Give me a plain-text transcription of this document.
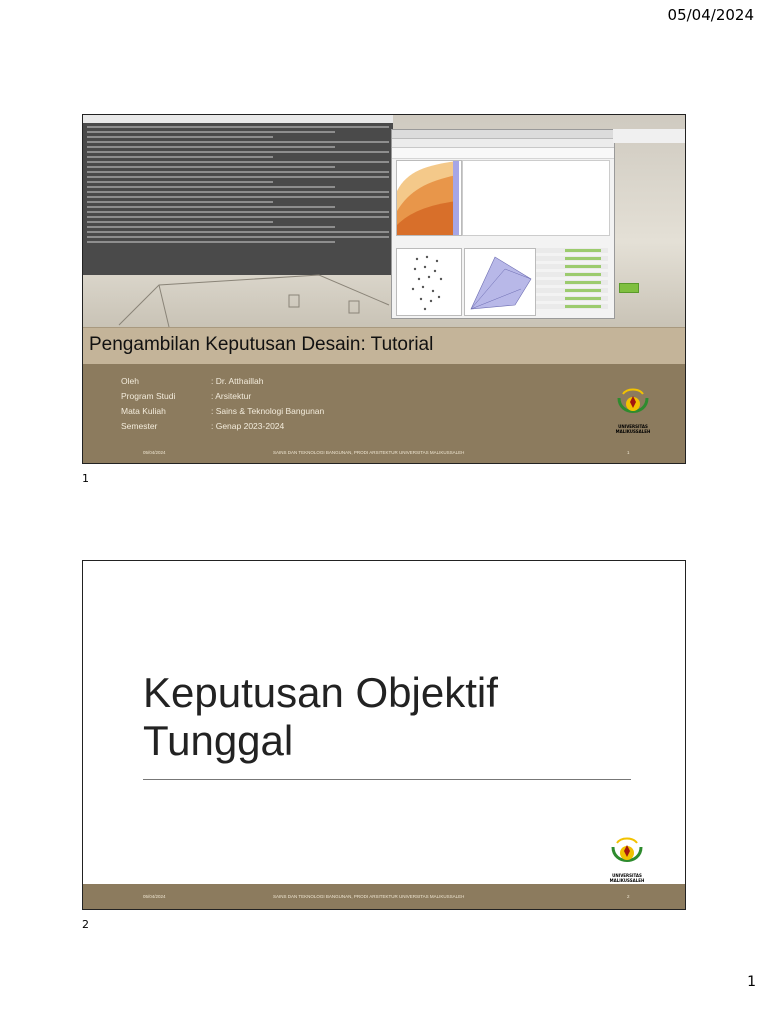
05/04/2024
Pengambilan Keputusan Desain: Tutorial
Oleh	: Dr. Atthaillah
Program Studi	: Arsitektur
Mata Kuliah	: Sains & Teknologi Bangunan
Semester	: Genap 2023-2024	UNIVERSITAS MALIKUSSALEH
05/04/2024	SAINS DAN TEKNOLOGI BANGUNAN, PRODI ARSITEKTUR UNIVERSITAS MALIKUSSALEH	1
1
Keputusan Objektif
Tunggal
UNIVERSITAS MALIKUSSALEH
05/04/2024	SAINS DAN TEKNOLOGI BANGUNAN, PRODI ARSITEKTUR UNIVERSITAS MALIKUSSALEH	2
2
1
